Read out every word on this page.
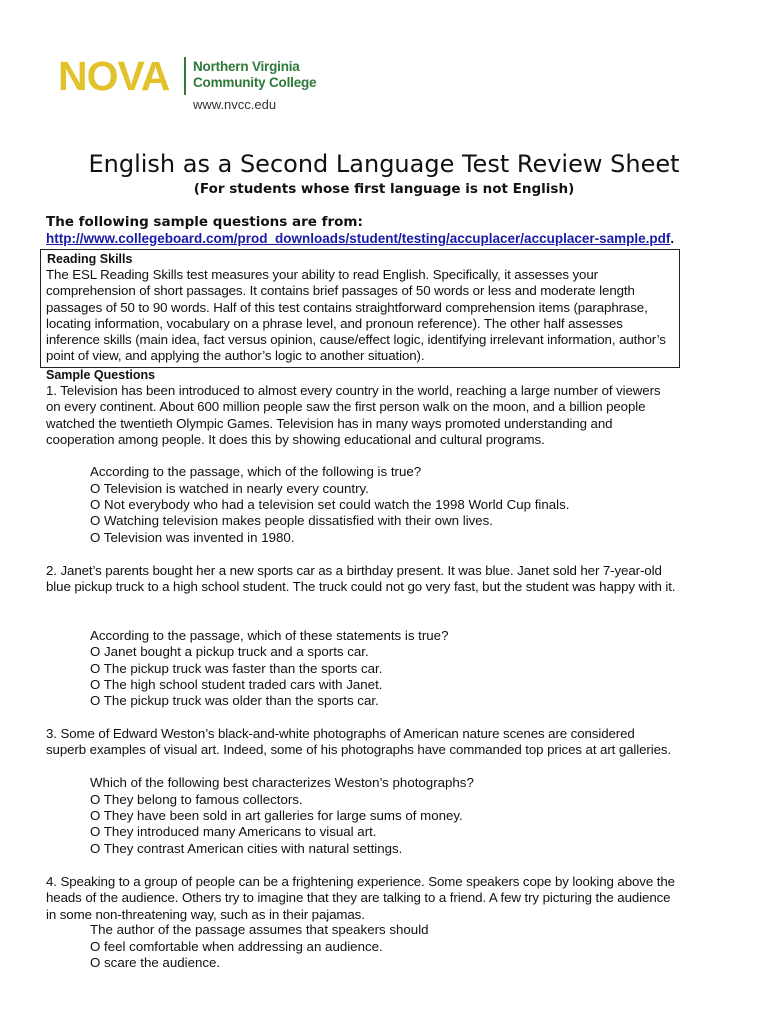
NOVA Northern Virginia
Community College
www.nvcc.edu
English as a Second Language Test Review Sheet
(For students whose first language is not English)
The following sample questions are from:
http://www.collegeboard.com/prod_downloads/student/testing/accuplacer/accuplacer-sample.pdf.
Reading Skills
The ESL Reading Skills test measures your ability to read English. Specifically, it assesses your comprehension of short passages. It contains brief passages of 50 words or less and moderate length passages of 50 to 90 words. Half of this test contains straightforward comprehension items (paraphrase, locating information, vocabulary on a phrase level, and pronoun reference). The other half assesses inference skills (main idea, fact versus opinion, cause/effect logic, identifying irrelevant information, author’s point of view, and applying the author’s logic to another situation).
Sample Questions
1. Television has been introduced to almost every country in the world, reaching a large number of viewers on every continent. About 600 million people saw the first person walk on the moon, and a billion people watched the twentieth Olympic Games. Television has in many ways promoted understanding and cooperation among people. It does this by showing educational and cultural programs.
According to the passage, which of the following is true?
O Television is watched in nearly every country.
O Not everybody who had a television set could watch the 1998 World Cup finals.
O Watching television makes people dissatisfied with their own lives.
O Television was invented in 1980.
2. Janet’s parents bought her a new sports car as a birthday present. It was blue. Janet sold her 7-year-old blue pickup truck to a high school student. The truck could not go very fast, but the student was happy with it.
According to the passage, which of these statements is true?
O Janet bought a pickup truck and a sports car.
O The pickup truck was faster than the sports car.
O The high school student traded cars with Janet.
O The pickup truck was older than the sports car.
3. Some of Edward Weston’s black-and-white photographs of American nature scenes are considered superb examples of visual art. Indeed, some of his photographs have commanded top prices at art galleries.
Which of the following best characterizes Weston’s photographs?
O They belong to famous collectors.
O They have been sold in art galleries for large sums of money.
O They introduced many Americans to visual art.
O They contrast American cities with natural settings.
4. Speaking to a group of people can be a frightening experience. Some speakers cope by looking above the heads of the audience. Others try to imagine that they are talking to a friend. A few try picturing the audience in some non-threatening way, such as in their pajamas.
The author of the passage assumes that speakers should
O feel comfortable when addressing an audience.
O scare the audience.
